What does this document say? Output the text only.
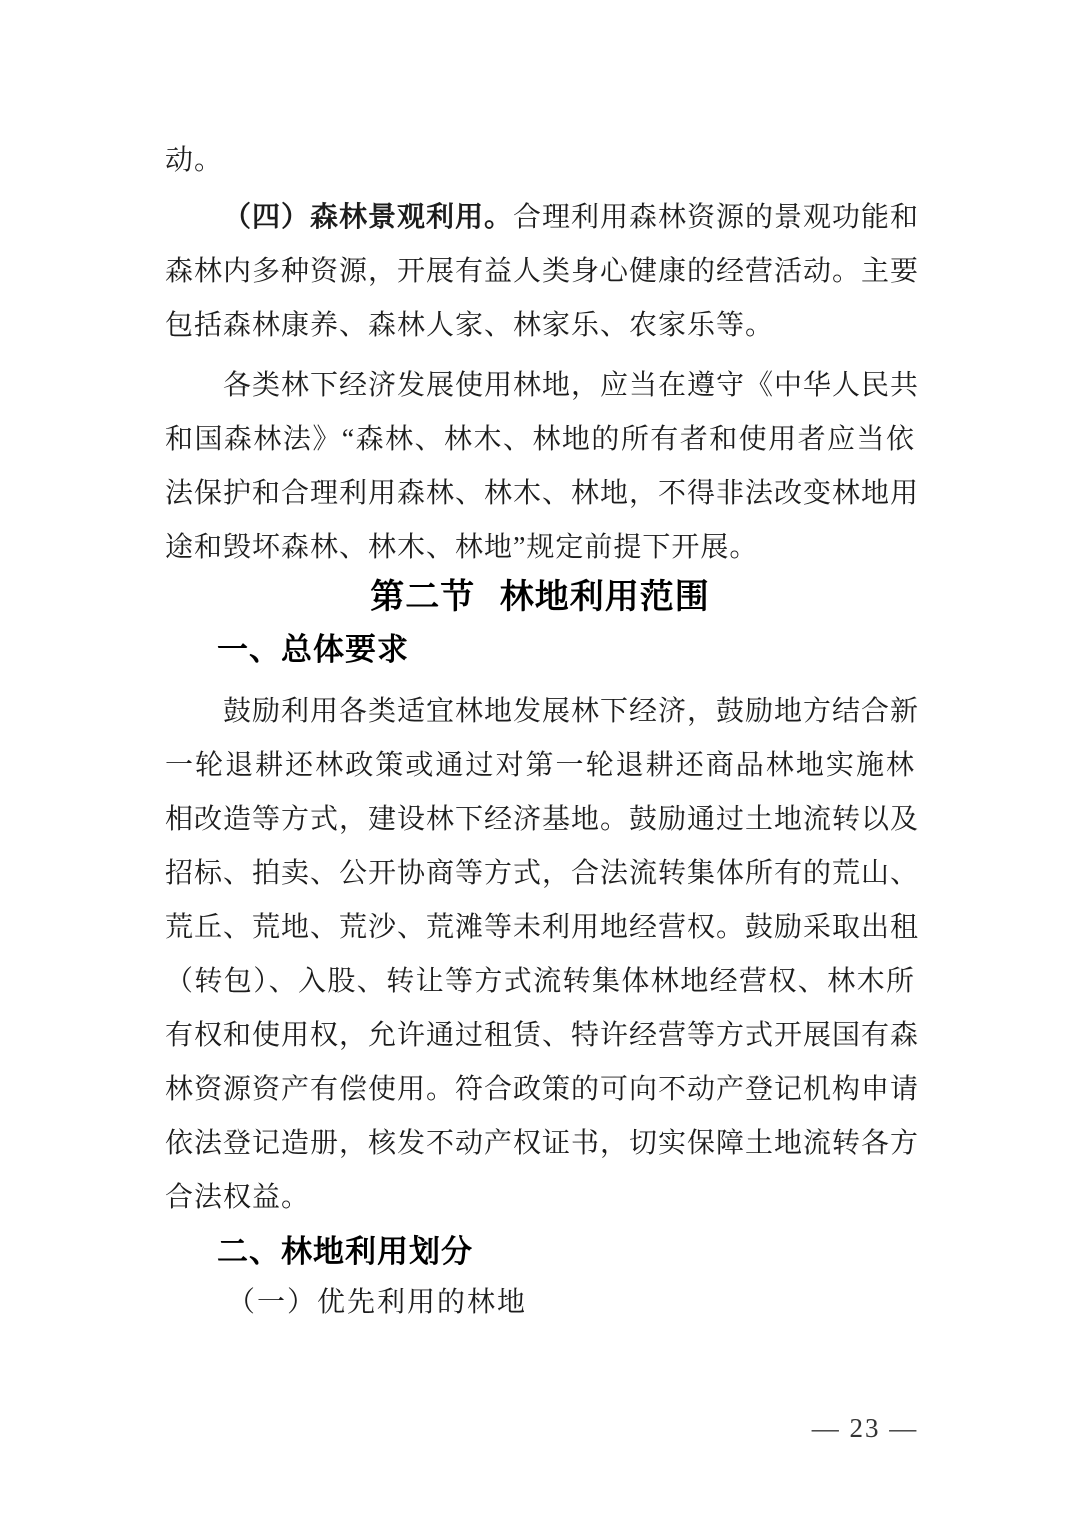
动。
（四）森林景观利用。合理利用森林资源的景观功能和
森林内多种资源，开展有益人类身心健康的经营活动。主要
包括森林康养、森林人家、林家乐、农家乐等。
各类林下经济发展使用林地，应当在遵守《中华人民共
和国森林法》“森林、林木、林地的所有者和使用者应当依
法保护和合理利用森林、林木、林地，不得非法改变林地用
途和毁坏森林、林木、林地”规定前提下开展。
第二节 林地利用范围
一、总体要求
鼓励利用各类适宜林地发展林下经济，鼓励地方结合新
一轮退耕还林政策或通过对第一轮退耕还商品林地实施林
相改造等方式，建设林下经济基地。鼓励通过土地流转以及
招标、拍卖、公开协商等方式，合法流转集体所有的荒山、
荒丘、荒地、荒沙、荒滩等未利用地经营权。鼓励采取出租
（转包）、入股、转让等方式流转集体林地经营权、林木所
有权和使用权，允许通过租赁、特许经营等方式开展国有森
林资源资产有偿使用。符合政策的可向不动产登记机构申请
依法登记造册，核发不动产权证书，切实保障土地流转各方
合法权益。
二、林地利用划分
（一）优先利用的林地
— 23 —
